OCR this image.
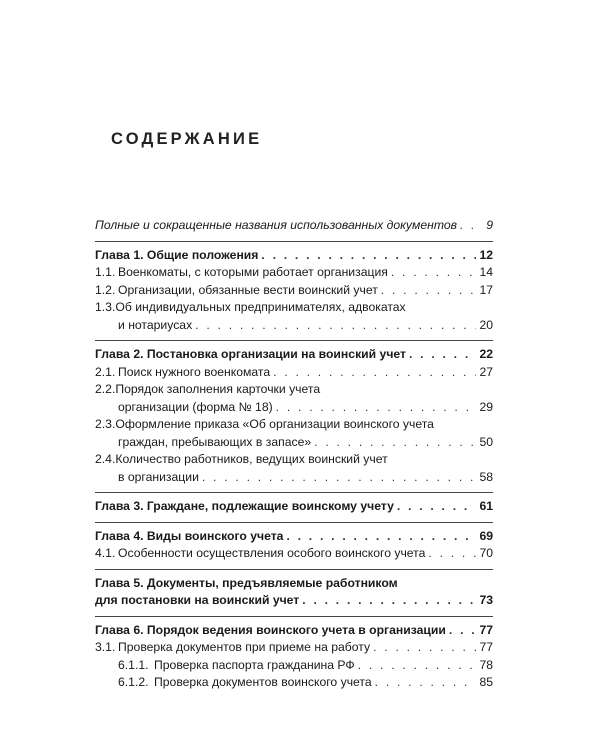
СОДЕРЖАНИЕ
Полные и сокращенные названия использованных документов . . . 9
Глава 1. Общие положения . . .	12
1.1. Военкоматы, с которыми работает организация . . .	14
1.2. Организации, обязанные вести воинский учет . . .	17
1.3.Об индивидуальных предпринимателях, адвокатах
и нотариусах . . .	20
Глава 2. Постановка организации на воинский учет . . .	22
2.1. Поиск нужного военкомата . . .	27
2.2.Порядок заполнения карточки учета
организации (форма № 18) . . .	29
2.3.Оформление приказа «Об организации воинского учета
граждан, пребывающих в запасе» . . .	50
2.4.Количество работников, ведущих воинский учет
в организации . . .	58
Глава 3. Граждане, подлежащие воинскому учету . . .	61
Глава 4. Виды воинского учета . . .	69
4.1. Особенности осуществления особого воинского учета . . .	70
Глава 5. Документы, предъявляемые работником
для постановки на воинский учет . . .	73
Глава 6. Порядок ведения воинского учета в организации . . .	77
3.1. Проверка документов при приеме на работу . . .	77
6.1.1. Проверка паспорта гражданина РФ . . .	78
6.1.2. Проверка документов воинского учета . . .	85
